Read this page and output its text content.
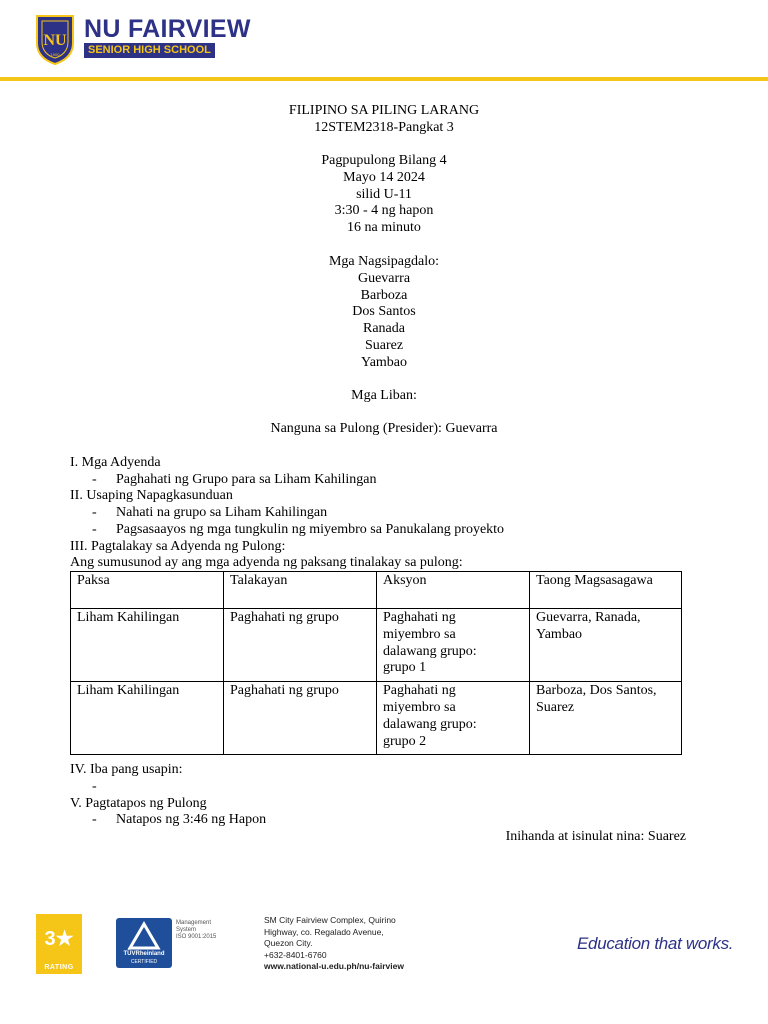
NU
1900
NU FAIRVIEW
SENIOR HIGH SCHOOL
FILIPINO SA PILING LARANG
12STEM2318-Pangkat 3
Pagpupulong Bilang 4
Mayo 14 2024
silid U-11
3:30 - 4 ng hapon
16 na minuto
Mga Nagsipagdalo:
Guevarra
Barboza
Dos Santos
Ranada
Suarez
Yambao
Mga Liban:
Nanguna sa Pulong (Presider): Guevarra
I. Mga Adyenda
- Paghahati ng Grupo para sa Liham Kahilingan
II. Usaping Napagkasunduan
- Nahati na grupo sa Liham Kahilingan
- Pagsasaayos ng mga tungkulin ng miyembro sa Panukalang proyekto
III. Pagtalakay sa Adyenda ng Pulong:
Ang sumusunod ay ang mga adyenda ng paksang tinalakay sa pulong:
Paksa	Talakayan	Aksyon	Taong Magsasagawa
Liham Kahilingan	Paghahati ng grupo	Paghahati ng
miyembro sa
dalawang grupo:
grupo 1	Guevarra, Ranada,
Yambao
Liham Kahilingan	Paghahati ng grupo	Paghahati ng
miyembro sa
dalawang grupo:
grupo 2	Barboza, Dos Santos,
Suarez
IV. Iba pang usapin:
-
V. Pagtatapos ng Pulong
- Natapos ng 3:46 ng Hapon
Inihanda at isinulat nina: Suarez
3★
RATING
TÜVRheinland
CERTIFIED
Management
System
ISO 9001:2015
SM City Fairview Complex, Quirino
Highway, co. Regalado Avenue,
Quezon City.
+632-8401-6760
www.national-u.edu.ph/nu-fairview
Education that works.
